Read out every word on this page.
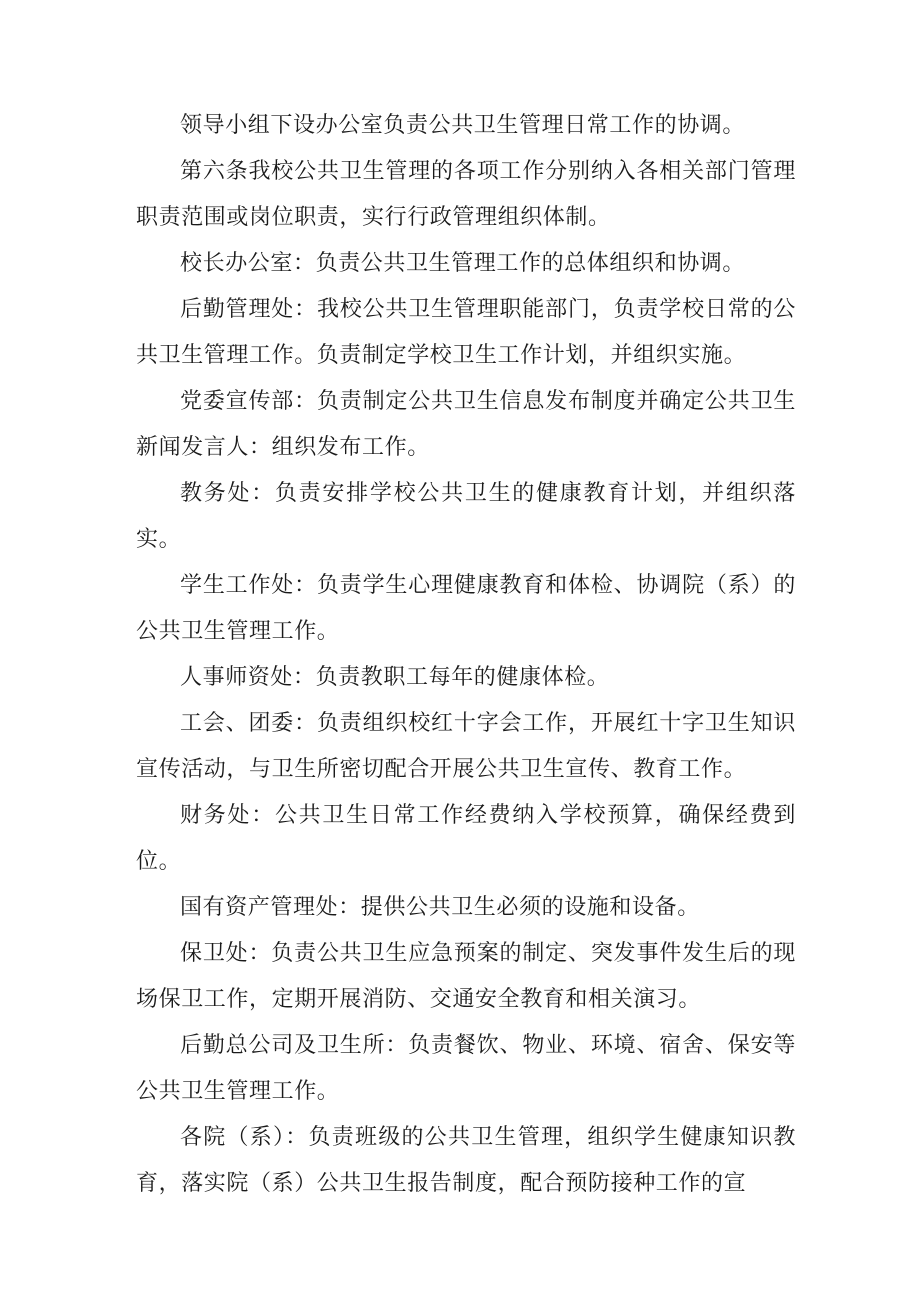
领导小组下设办公室负责公共卫生管理日常工作的协调。

第六条我校公共卫生管理的各项工作分别纳入各相关部门管理职责范围或岗位职责，实行行政管理组织体制。

校长办公室：负责公共卫生管理工作的总体组织和协调。

后勤管理处：我校公共卫生管理职能部门，负责学校日常的公共卫生管理工作。负责制定学校卫生工作计划，并组织实施。

党委宣传部：负责制定公共卫生信息发布制度并确定公共卫生新闻发言人：组织发布工作。

教务处：负责安排学校公共卫生的健康教育计划，并组织落实。

学生工作处：负责学生心理健康教育和体检、协调院（系）的公共卫生管理工作。

人事师资处：负责教职工每年的健康体检。

工会、团委：负责组织校红十字会工作，开展红十字卫生知识宣传活动，与卫生所密切配合开展公共卫生宣传、教育工作。

财务处：公共卫生日常工作经费纳入学校预算，确保经费到位。

国有资产管理处：提供公共卫生必须的设施和设备。

保卫处：负责公共卫生应急预案的制定、突发事件发生后的现场保卫工作，定期开展消防、交通安全教育和相关演习。

后勤总公司及卫生所：负责餐饮、物业、环境、宿舍、保安等公共卫生管理工作。

各院（系）：负责班级的公共卫生管理，组织学生健康知识教育，落实院（系）公共卫生报告制度，配合预防接种工作的宣
